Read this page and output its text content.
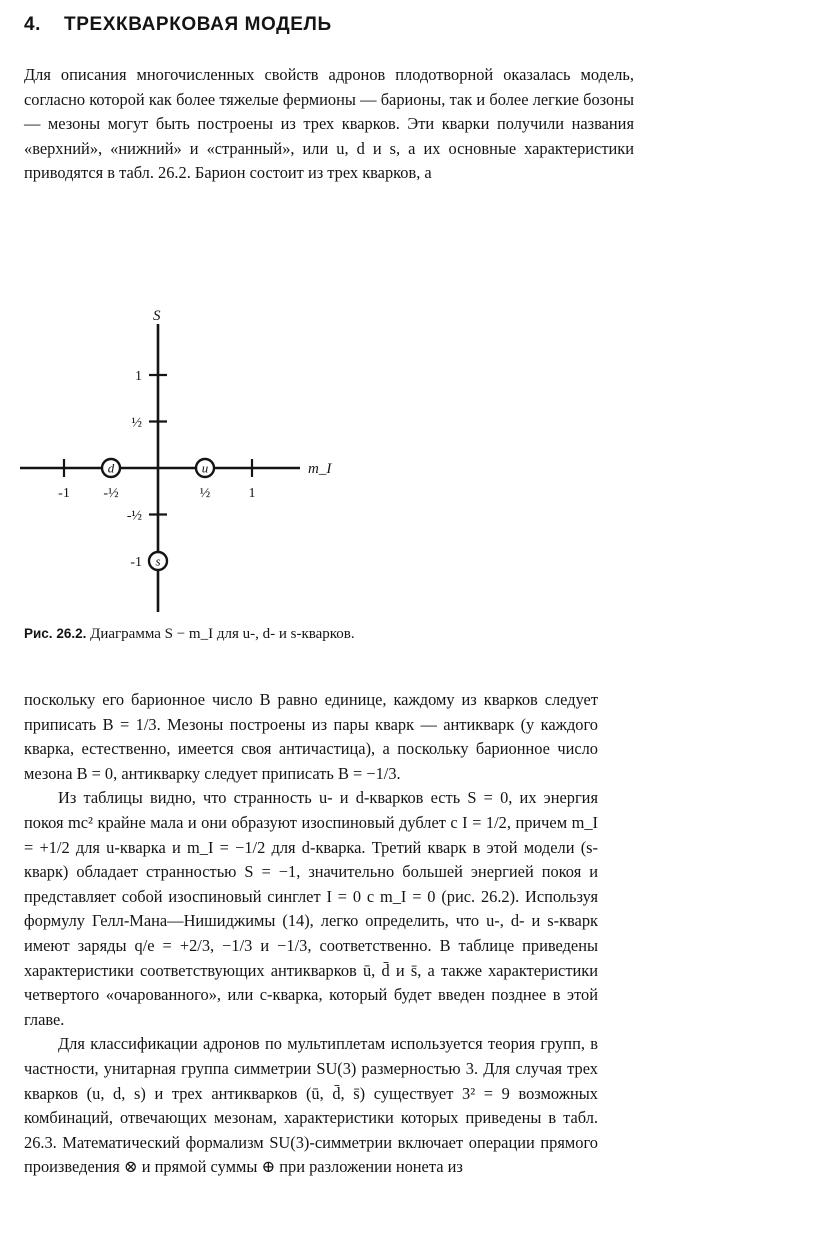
4. ТРЕХКВАРКОВАЯ МОДЕЛЬ

Для описания многочисленных свойств адронов плодотворной оказалась модель, согласно которой как более тяжелые фермионы — барионы, так и более легкие бозоны — мезоны могут быть построены из трех кварков. Эти кварки получили названия «верхний», «нижний» и «странный», или u, d и s, а их основные характеристики приводятся в табл. 26.2. Барион состоит из трех кварков, а

m_I
S
-1 -½	½	1
1
½
-½
-1
d	u
s
Рис. 26.2. Диаграмма S − m_I для u-, d- и s-кварков.
поскольку его барионное число B равно единице, каждому из кварков следует приписать B = 1/3. Мезоны построены из пары кварк — антикварк (у каждого кварка, естественно, имеется своя античастица), а поскольку барионное число мезона B = 0, антикварку следует приписать B = −1/3.
Из таблицы видно, что странность u- и d-кварков есть S = 0, их энергия покоя mc² крайне мала и они образуют изоспиновый дублет с I = 1/2, причем m_I = +1/2 для u-кварка и m_I = −1/2 для d-кварка. Третий кварк в этой модели (s-кварк) обладает странностью S = −1, значительно большей энергией покоя и представляет собой изоспиновый синглет I = 0 с m_I = 0 (рис. 26.2). Используя формулу Гелл-Мана—Нишиджимы (14), легко определить, что u-, d- и s-кварк имеют заряды q/e = +2/3, −1/3 и −1/3, соответственно. В таблице приведены характеристики соответствующих антикварков ū, d̄ и s̄, а также характеристики четвертого «очарованного», или c-кварка, который будет введен позднее в этой главе.
Для классификации адронов по мультиплетам используется теория групп, в частности, унитарная группа симметрии SU(3) размерностью 3. Для случая трех кварков (u, d, s) и трех антикварков (ū, d̄, s̄) существует 3² = 9 возможных комбинаций, отвечающих мезонам, характеристики которых приведены в табл. 26.3. Математический формализм SU(3)-симметрии включает операции прямого произведения ⊗ и прямой суммы ⊕ при разложении нонета из
